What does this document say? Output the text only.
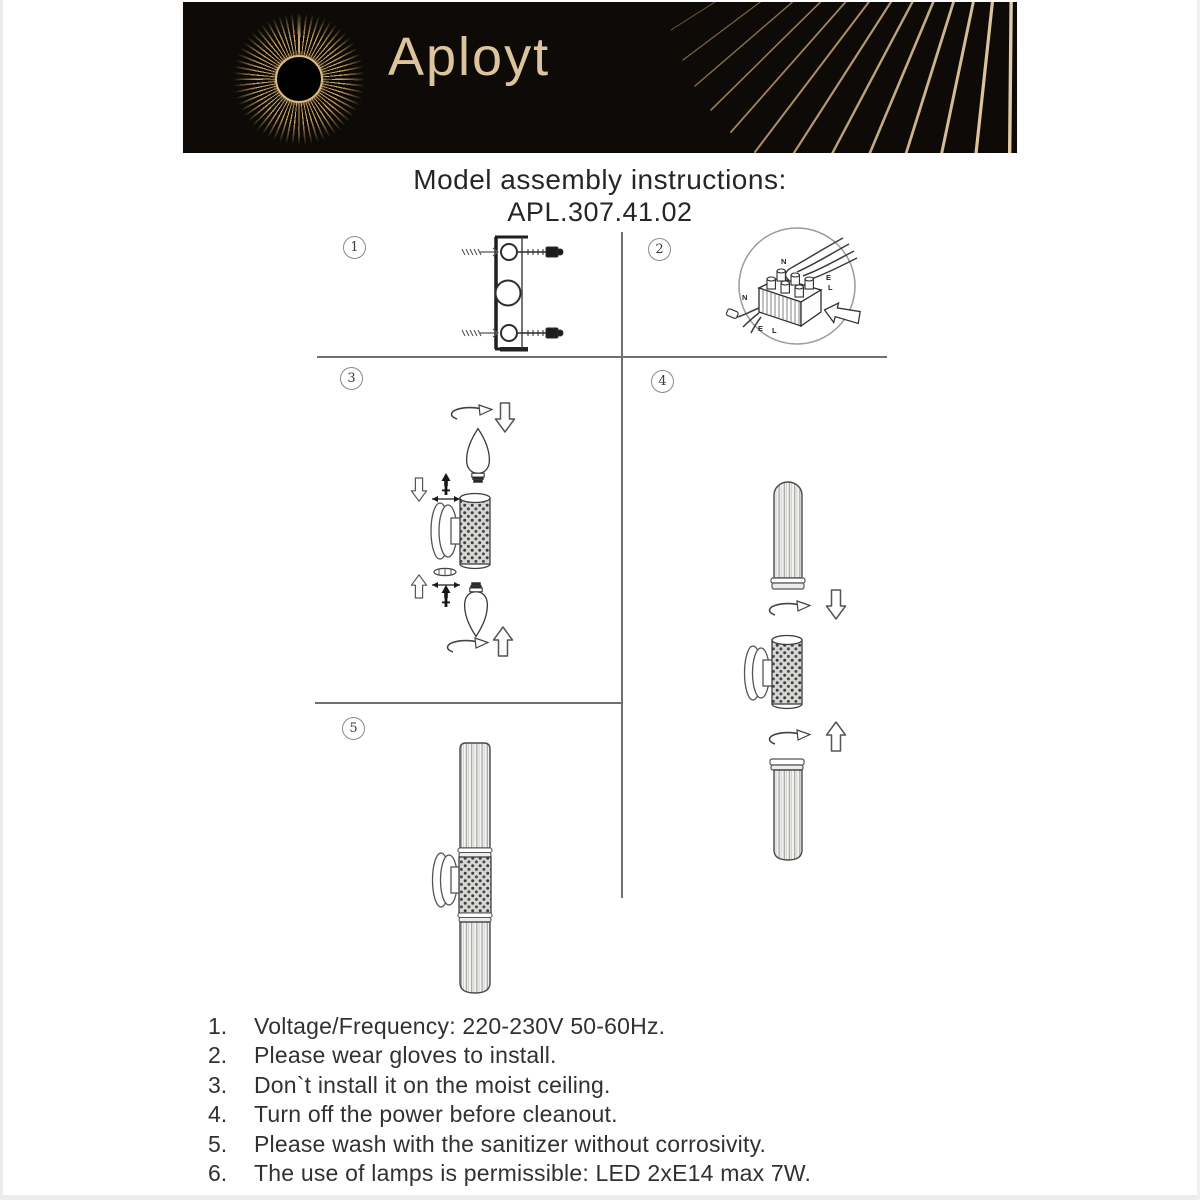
Aployt
Model assembly instructions:
APL.307.41.02
1	2
3	4
5
N
E
L
N
E L
1.	Voltage/Frequency: 220-230V 50-60Hz.
2.	Please wear gloves to install.
3.	Don`t install it on the moist ceiling.
4.	Turn off the power before cleanout.
5.	Please wash with the sanitizer without corrosivity.
6.	The use of lamps is permissible: LED 2xE14 max 7W.
